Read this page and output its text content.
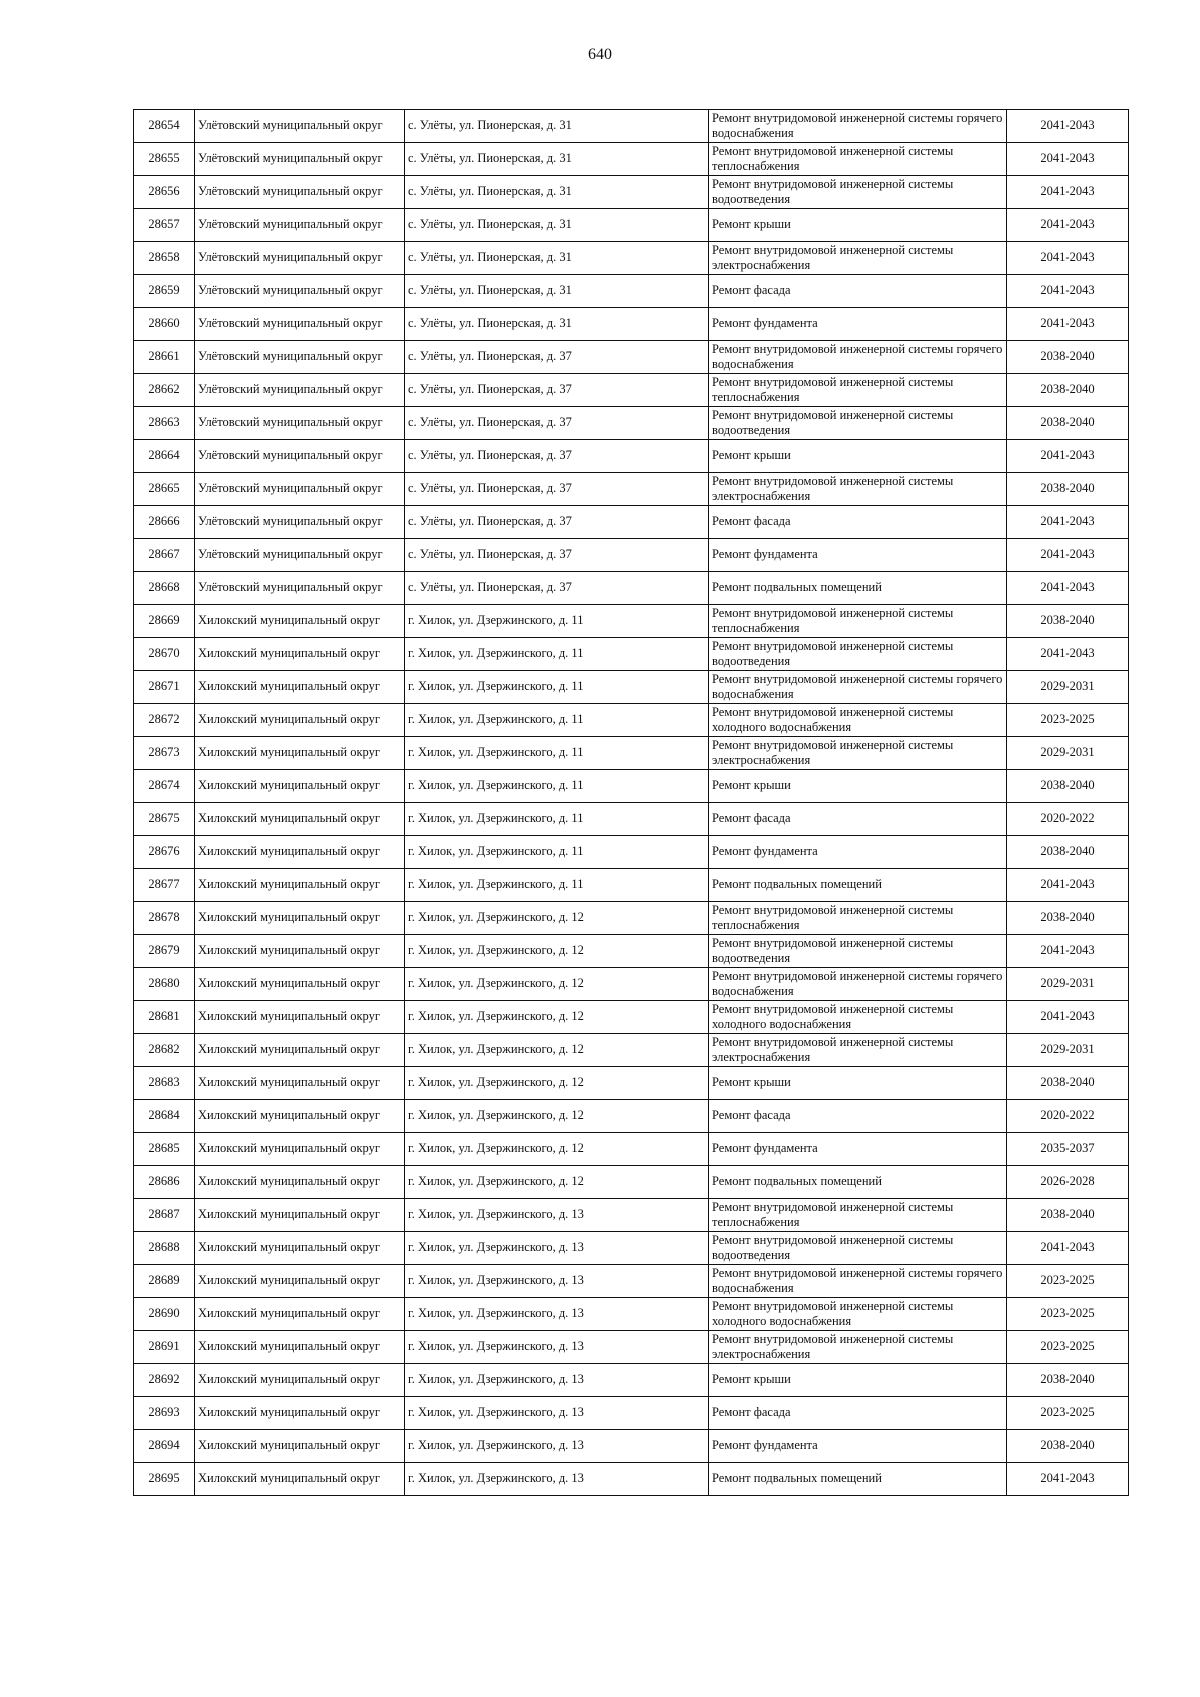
640
28654	Улётовский муниципальный округ	с. Улёты, ул. Пионерская, д. 31	Ремонт внутридомовой инженерной системы горячего водоснабжения	2041-2043
28655	Улётовский муниципальный округ	с. Улёты, ул. Пионерская, д. 31	Ремонт внутридомовой инженерной системы теплоснабжения	2041-2043
28656	Улётовский муниципальный округ	с. Улёты, ул. Пионерская, д. 31	Ремонт внутридомовой инженерной системы водоотведения	2041-2043
28657	Улётовский муниципальный округ	с. Улёты, ул. Пионерская, д. 31	Ремонт крыши	2041-2043
28658	Улётовский муниципальный округ	с. Улёты, ул. Пионерская, д. 31	Ремонт внутридомовой инженерной системы электроснабжения	2041-2043
28659	Улётовский муниципальный округ	с. Улёты, ул. Пионерская, д. 31	Ремонт фасада	2041-2043
28660	Улётовский муниципальный округ	с. Улёты, ул. Пионерская, д. 31	Ремонт фундамента	2041-2043
28661	Улётовский муниципальный округ	с. Улёты, ул. Пионерская, д. 37	Ремонт внутридомовой инженерной системы горячего водоснабжения	2038-2040
28662	Улётовский муниципальный округ	с. Улёты, ул. Пионерская, д. 37	Ремонт внутридомовой инженерной системы теплоснабжения	2038-2040
28663	Улётовский муниципальный округ	с. Улёты, ул. Пионерская, д. 37	Ремонт внутридомовой инженерной системы водоотведения	2038-2040
28664	Улётовский муниципальный округ	с. Улёты, ул. Пионерская, д. 37	Ремонт крыши	2041-2043
28665	Улётовский муниципальный округ	с. Улёты, ул. Пионерская, д. 37	Ремонт внутридомовой инженерной системы электроснабжения	2038-2040
28666	Улётовский муниципальный округ	с. Улёты, ул. Пионерская, д. 37	Ремонт фасада	2041-2043
28667	Улётовский муниципальный округ	с. Улёты, ул. Пионерская, д. 37	Ремонт фундамента	2041-2043
28668	Улётовский муниципальный округ	с. Улёты, ул. Пионерская, д. 37	Ремонт подвальных помещений	2041-2043
28669	Хилокский муниципальный округ	г. Хилок, ул. Дзержинского, д. 11	Ремонт внутридомовой инженерной системы теплоснабжения	2038-2040
28670	Хилокский муниципальный округ	г. Хилок, ул. Дзержинского, д. 11	Ремонт внутридомовой инженерной системы водоотведения	2041-2043
28671	Хилокский муниципальный округ	г. Хилок, ул. Дзержинского, д. 11	Ремонт внутридомовой инженерной системы горячего водоснабжения	2029-2031
28672	Хилокский муниципальный округ	г. Хилок, ул. Дзержинского, д. 11	Ремонт внутридомовой инженерной системы холодного водоснабжения	2023-2025
28673	Хилокский муниципальный округ	г. Хилок, ул. Дзержинского, д. 11	Ремонт внутридомовой инженерной системы электроснабжения	2029-2031
28674	Хилокский муниципальный округ	г. Хилок, ул. Дзержинского, д. 11	Ремонт крыши	2038-2040
28675	Хилокский муниципальный округ	г. Хилок, ул. Дзержинского, д. 11	Ремонт фасада	2020-2022
28676	Хилокский муниципальный округ	г. Хилок, ул. Дзержинского, д. 11	Ремонт фундамента	2038-2040
28677	Хилокский муниципальный округ	г. Хилок, ул. Дзержинского, д. 11	Ремонт подвальных помещений	2041-2043
28678	Хилокский муниципальный округ	г. Хилок, ул. Дзержинского, д. 12	Ремонт внутридомовой инженерной системы теплоснабжения	2038-2040
28679	Хилокский муниципальный округ	г. Хилок, ул. Дзержинского, д. 12	Ремонт внутридомовой инженерной системы водоотведения	2041-2043
28680	Хилокский муниципальный округ	г. Хилок, ул. Дзержинского, д. 12	Ремонт внутридомовой инженерной системы горячего водоснабжения	2029-2031
28681	Хилокский муниципальный округ	г. Хилок, ул. Дзержинского, д. 12	Ремонт внутридомовой инженерной системы холодного водоснабжения	2041-2043
28682	Хилокский муниципальный округ	г. Хилок, ул. Дзержинского, д. 12	Ремонт внутридомовой инженерной системы электроснабжения	2029-2031
28683	Хилокский муниципальный округ	г. Хилок, ул. Дзержинского, д. 12	Ремонт крыши	2038-2040
28684	Хилокский муниципальный округ	г. Хилок, ул. Дзержинского, д. 12	Ремонт фасада	2020-2022
28685	Хилокский муниципальный округ	г. Хилок, ул. Дзержинского, д. 12	Ремонт фундамента	2035-2037
28686	Хилокский муниципальный округ	г. Хилок, ул. Дзержинского, д. 12	Ремонт подвальных помещений	2026-2028
28687	Хилокский муниципальный округ	г. Хилок, ул. Дзержинского, д. 13	Ремонт внутридомовой инженерной системы теплоснабжения	2038-2040
28688	Хилокский муниципальный округ	г. Хилок, ул. Дзержинского, д. 13	Ремонт внутридомовой инженерной системы водоотведения	2041-2043
28689	Хилокский муниципальный округ	г. Хилок, ул. Дзержинского, д. 13	Ремонт внутридомовой инженерной системы горячего водоснабжения	2023-2025
28690	Хилокский муниципальный округ	г. Хилок, ул. Дзержинского, д. 13	Ремонт внутридомовой инженерной системы холодного водоснабжения	2023-2025
28691	Хилокский муниципальный округ	г. Хилок, ул. Дзержинского, д. 13	Ремонт внутридомовой инженерной системы электроснабжения	2023-2025
28692	Хилокский муниципальный округ	г. Хилок, ул. Дзержинского, д. 13	Ремонт крыши	2038-2040
28693	Хилокский муниципальный округ	г. Хилок, ул. Дзержинского, д. 13	Ремонт фасада	2023-2025
28694	Хилокский муниципальный округ	г. Хилок, ул. Дзержинского, д. 13	Ремонт фундамента	2038-2040
28695	Хилокский муниципальный округ	г. Хилок, ул. Дзержинского, д. 13	Ремонт подвальных помещений	2041-2043
